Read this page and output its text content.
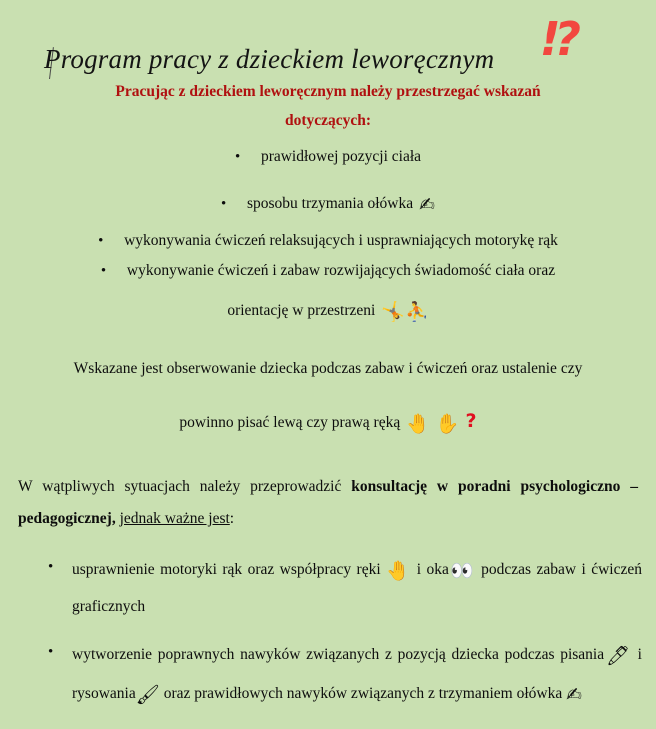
Program pracy z dzieckiem leworęcznym ⁉
Pracując z dzieckiem leworęcznym należy przestrzegać wskazań
dotyczących:
• prawidłowej pozycji ciała
• sposobu trzymania ołówka ✍
• wykonywania ćwiczeń relaksujących i usprawniających motorykę rąk
• wykonywanie ćwiczeń i zabaw rozwijających świadomość ciała oraz
orientację w przestrzeni 🤸⛹
Wskazane jest obserwowanie dziecka podczas zabaw i ćwiczeń oraz ustalenie czy
powinno pisać lewą czy prawą ręką 🤚 ✋ ?
W wątpliwych sytuacjach należy przeprowadzić konsultację w poradni psychologiczno – pedagogicznej, jednak ważne jest:
• usprawnienie motoryki rąk oraz współpracy ręki 🤚 i oka👀 podczas zabaw i ćwiczeń graficznych
• wytworzenie poprawnych nawyków związanych z pozycją dziecka podczas pisania🖊 i rysowania🖌 oraz prawidłowych nawyków związanych z trzymaniem ołówka ✍
